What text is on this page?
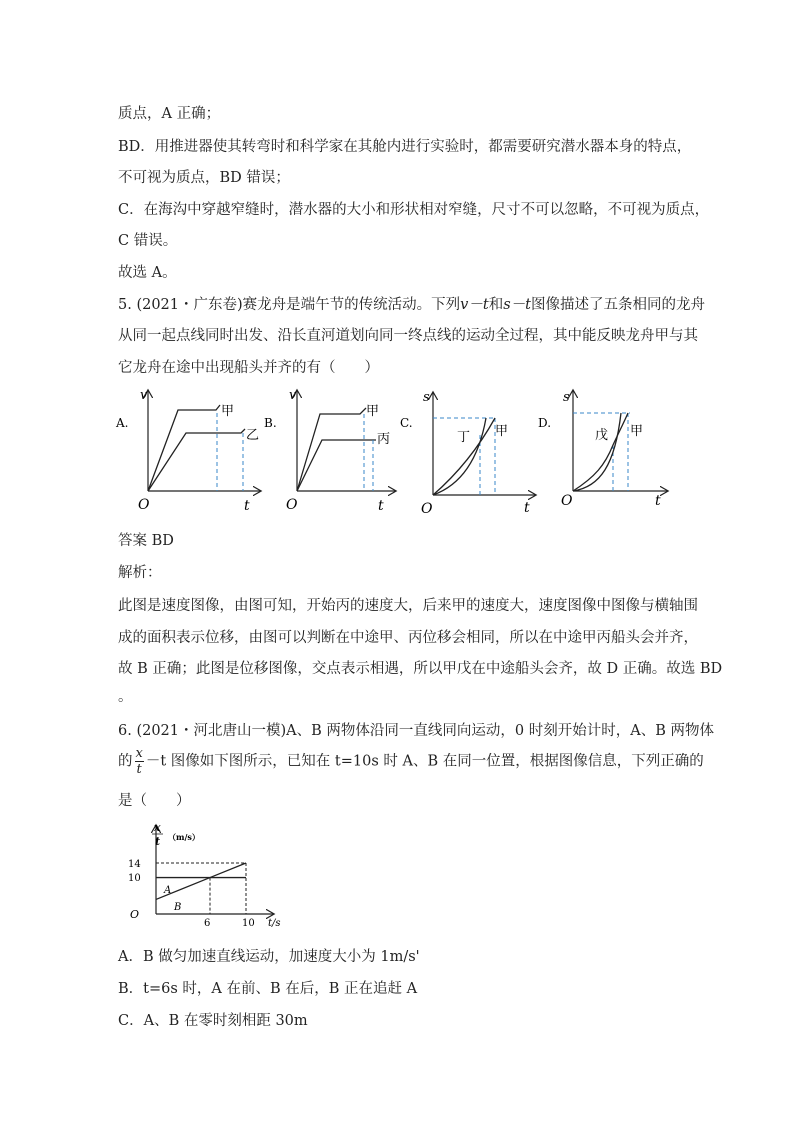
质点，A 正确；
BD．用推进器使其转弯时和科学家在其舱内进行实验时，都需要研究潜水器本身的特点，
不可视为质点，BD 错误；
C．在海沟中穿越窄缝时，潜水器的大小和形状相对窄缝，尺寸不可以忽略，不可视为质点，
C 错误。
故选 A。
5. (2021・广东卷)赛龙舟是端午节的传统活动。下列v－t和s－t图像描述了五条相同的龙舟
从同一起点线同时出发、沿长直河道划向同一终点线的运动全过程，其中能反映龙舟甲与其
它龙舟在途中出现船头并齐的有（　　）
A.
v
t
O
甲
乙
B.
v
t
O
甲
丙
C.
s
t
O
丁 甲
D.
s
t
O
戊 甲
答案 BD
解析：
此图是速度图像，由图可知，开始丙的速度大，后来甲的速度大，速度图像中图像与横轴围
成的面积表示位移，由图可以判断在中途甲、丙位移会相同，所以在中途甲丙船头会并齐，
故 B 正确；此图是位移图像，交点表示相遇，所以甲戊在中途船头会齐，故 D 正确。故选 BD
。
6. (2021・河北唐山一模)A、B 两物体沿同一直线同向运动，0 时刻开始计时，A、B 两物体
的 $\frac{x}{t} -t$ 图像如下图所示，已知在 t=10s 时 A、B 在同一位置，根据图像信息，下列正确的
是（　　）
x
t （m/s）
14
10
6	10 t/s
O
A
B
A．B 做匀加速直线运动，加速度大小为 1m/s'
B．t=6s 时，A 在前、B 在后，B 正在追赶 A
C．A、B 在零时刻相距 30m
